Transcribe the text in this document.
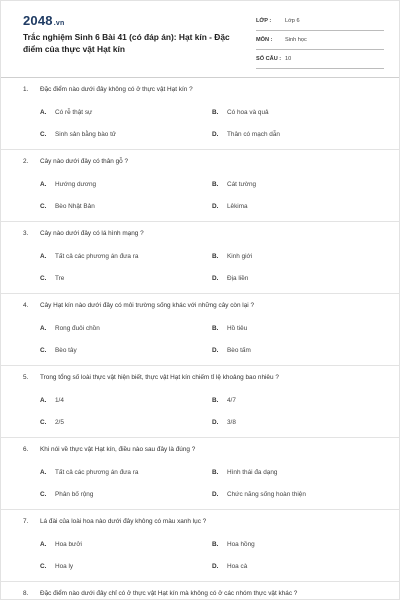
2048.vn
Trắc nghiệm Sinh 6 Bài 41 (có đáp án): Hạt kín - Đặc điểm của thực vật Hạt kín
LỚP : Lớp 6
MÔN : Sinh học
SỐ CÂU : 10
1. Đặc điểm nào dưới đây không có ở thực vật Hạt kín ?
A. Có rễ thật sự	B. Có hoa và quả
C. Sinh sản bằng bào tử	D. Thân có mạch dẫn
2. Cây nào dưới đây có thân gỗ ?
A. Hướng dương	B. Cát tường
C. Bèo Nhật Bản	D. Lêkima
3. Cây nào dưới đây có lá hình mạng ?
A. Tất cả các phương án đưa ra	B. Kinh giới
C. Tre	D. Địa liền
4. Cây Hạt kín nào dưới đây có môi trường sống khác với những cây còn lại ?
A. Rong đuôi chồn	B. Hồ tiêu
C. Bèo tây	D. Bèo tấm
5. Trong tổng số loài thực vật hiện biết, thực vật Hạt kín chiếm tỉ lệ khoảng bao nhiêu ?
A. 1/4	B. 4/7
C. 2/5	D. 3/8
6. Khi nói về thực vật Hạt kín, điều nào sau đây là đúng ?
A. Tất cả các phương án đưa ra	B. Hình thái đa dạng
C. Phân bố rộng	D. Chức năng sống hoàn thiện
7. Lá đài của loài hoa nào dưới đây không có màu xanh lục ?
A. Hoa bưởi	B. Hoa hồng
C. Hoa ly	D. Hoa cà
8. Đặc điểm nào dưới đây chỉ có ở thực vật Hạt kín mà không có ở các nhóm thực vật khác ?
